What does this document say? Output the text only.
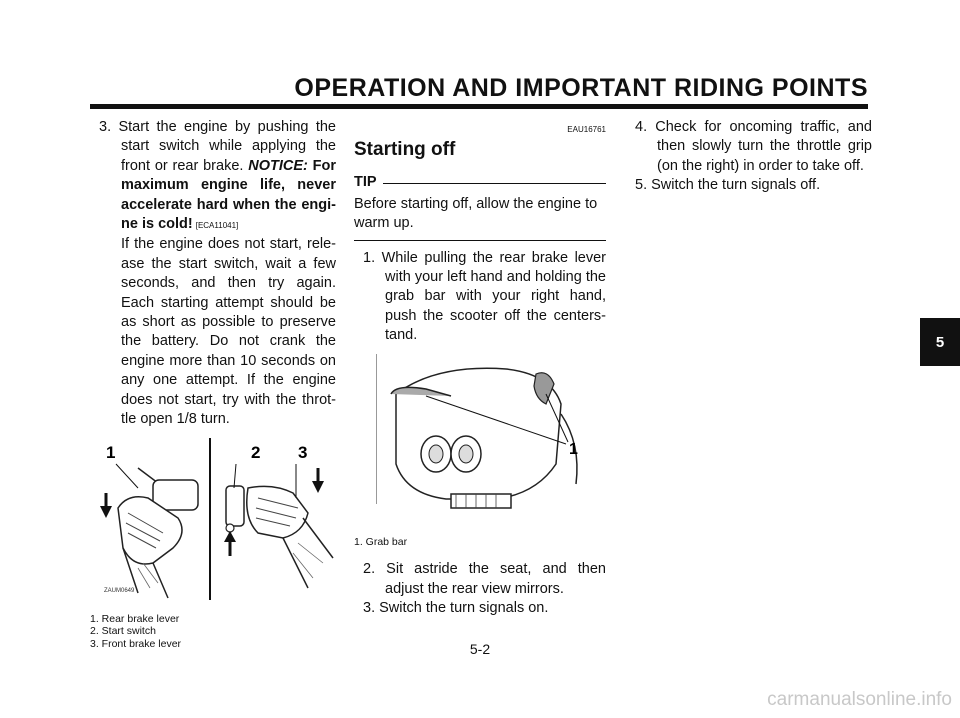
OPERATION AND IMPORTANT RIDING POINTS
5

3. Start the engine by pushing the start switch while applying the front or rear brake. NOTICE: For maximum engine life, never accelerate hard when the engi-ne is cold! [ECA11041]

If the engine does not start, rele-ase the start switch, wait a few seconds, and then try again. Each starting attempt should be as short as possible to preserve the battery. Do not crank the engine more than 10 seconds on any one attempt. If the engine does not start, try with the throt-tle open 1/8 turn.

1	2 3
ZAUM0649
1. Rear brake lever
2. Start switch
3. Front brake lever
EAU16761
Starting off
TIP

Before starting off, allow the engine to warm up.

1. While pulling the rear brake lever with your left hand and holding the grab bar with your right hand, push the scooter off the centers-tand.

1
1. Grab bar

2. Sit astride the seat, and then adjust the rear view mirrors.

3. Switch the turn signals on.

4. Check for oncoming traffic, and then slowly turn the throttle grip (on the right) in order to take off.

5. Switch the turn signals off.

5-2
carmanualsonline.info
